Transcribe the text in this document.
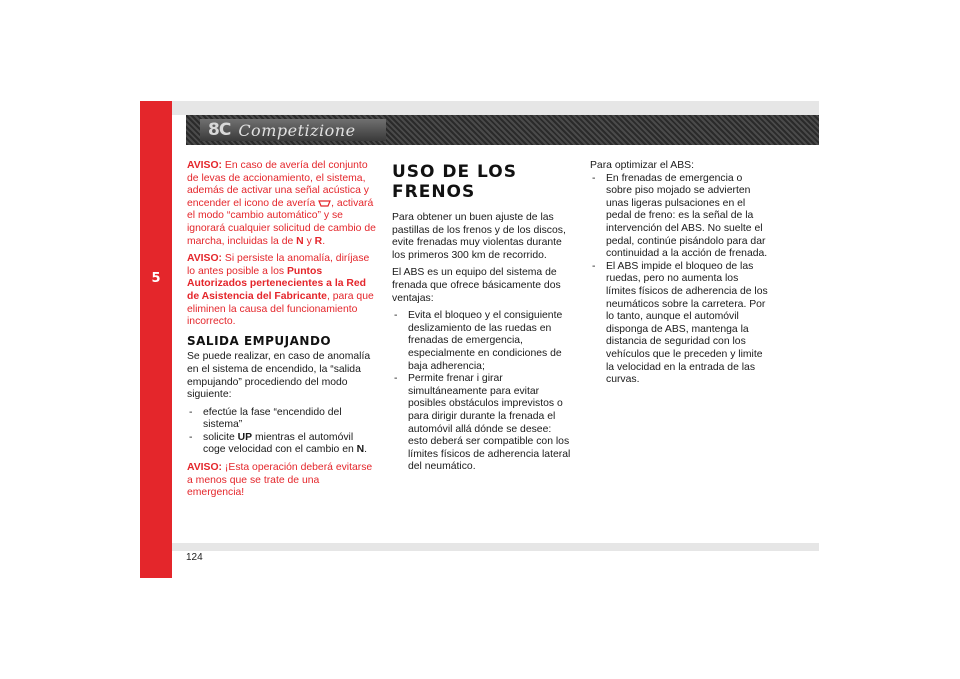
5
8C Competizione

AVISO: En caso de avería del conjunto de levas de accionamiento, el sistema, además de activar una señal acústica y encender el icono de avería , activará el modo “cambio automático” y se ignorará cualquier solicitud de cambio de marcha, incluidas la de N y R.

AVISO: Si persiste la anomalía, diríjase lo antes posible a los Puntos Autorizados pertenecientes a la Red de Asistencia del Fabricante, para que eliminen la causa del funcionamiento incorrecto.

SALIDA EMPUJANDO

Se puede realizar, en caso de anomalía en el sistema de encendido, la “salida empujando” procediendo del modo siguiente:

- efectúe la fase “encendido del sistema”
- solicite UP mientras el automóvil coge velocidad con el cambio en N.

AVISO: ¡Esta operación deberá evitarse a menos que se trate de una emergencia!

USO DE LOS FRENOS

Para obtener un buen ajuste de las pastillas de los frenos y de los discos, evite frenadas muy violentas durante los primeros 300 km de recorrido.

El ABS es un equipo del sistema de frenada que ofrece básicamente dos ventajas:

- Evita el bloqueo y el consiguiente deslizamiento de las ruedas en frenadas de emergencia, especialmente en condiciones de baja adherencia;
- Permite frenar i girar simultáneamente para evitar posibles obstáculos imprevistos o para dirigir durante la frenada el automóvil allá dónde se desee: esto deberá ser compatible con los límites físicos de adherencia lateral del neumático.

Para optimizar el ABS:

- En frenadas de emergencia o sobre piso mojado se advierten unas ligeras pulsaciones en el pedal de freno: es la señal de la intervención del ABS. No suelte el pedal, continúe pisándolo para dar continuidad a la acción de frenada.
- El ABS impide el bloqueo de las ruedas, pero no aumenta los límites físicos de adherencia de los neumáticos sobre la carretera. Por lo tanto, aunque el automóvil disponga de ABS, mantenga la distancia de seguridad con los vehículos que le preceden y limite la velocidad en la entrada de las curvas.
124
